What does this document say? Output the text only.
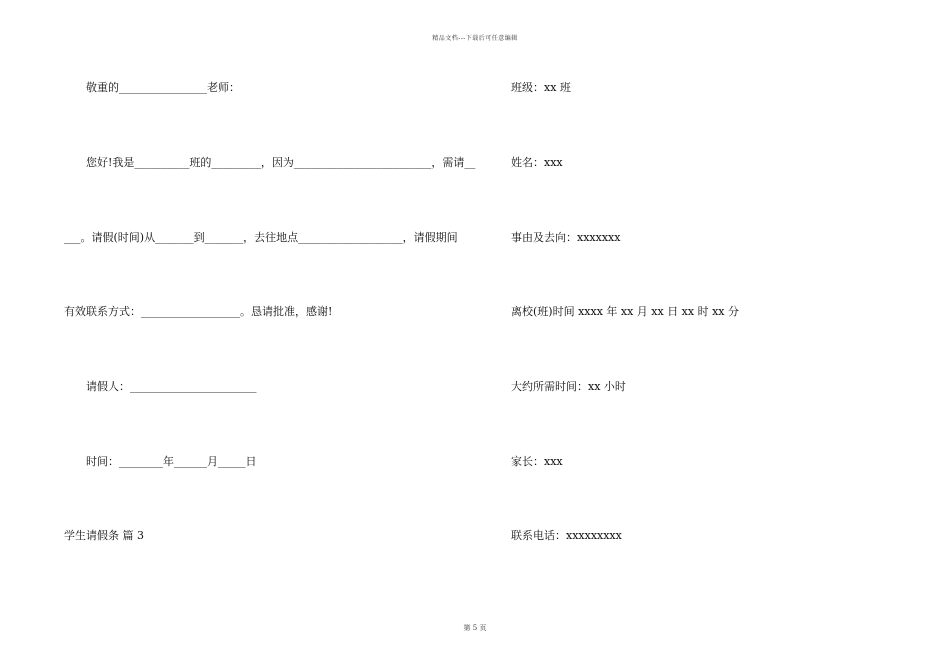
精品文档---下载后可任意编辑
敬重的________________老师：
您好!我是__________班的_________，因为_________________________，需请__
___。请假(时间)从_______到_______，去往地点___________________，请假期间
有效联系方式：__________________。恳请批准，感谢!
请假人：_______________________
时间：________年______月_____日
学生请假条 篇 3
班级：xx 班
姓名：xxx
事由及去向：xxxxxxx
离校(班)时间 xxxx 年 xx 月 xx 日 xx 时 xx 分
大约所需时间：xx 小时
家长：xxx
联系电话：xxxxxxxxx
第 5 页
